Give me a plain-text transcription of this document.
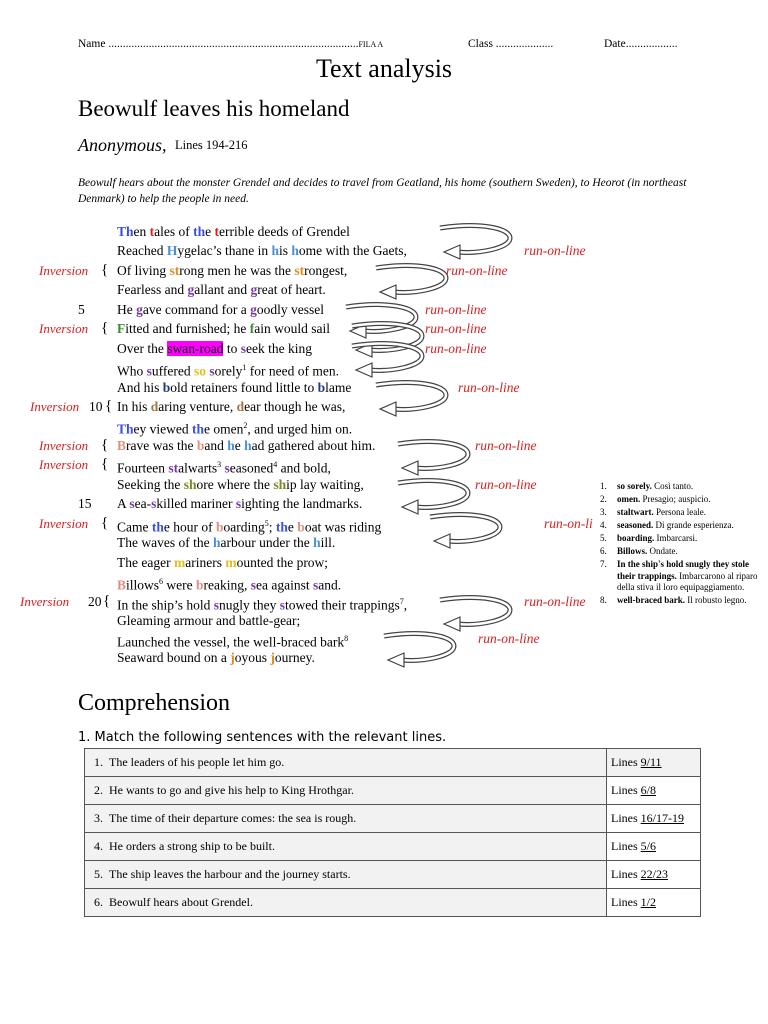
Name .......................................................................................FILA A	Class ....................	Date..................
Text analysis
Beowulf leaves his homeland
Anonymous, Lines 194-216
Beowulf hears about the monster Grendel and decides to travel from Geatland, his home (southern Sweden), to Heorot (in northeast Denmark) to help the people in need.
Then tales of the terrible deeds of Grendel
Reached Hygelac’s thane in his home with the Gaets,
Of living strong men he was the strongest,
Fearless and gallant and great of heart.
He gave command for a goodly vessel
Fitted and furnished; he fain would sail
Over the swan-road to seek the king
Who suffered so sorely$^1$ for need of men.
And his bold retainers found little to blame
In his daring venture, dear though he was,
They viewed the omen$^2$, and urged him on.
Brave was the band he had gathered about him.
Fourteen stalwarts$^3$ seasoned$^4$ and bold,
Seeking the shore where the ship lay waiting,
A sea-skilled mariner sighting the landmarks.
Came the hour of boarding$^5$; the boat was riding
The waves of the harbour under the hill.
The eager mariners mounted the prow;
Billows$^6$ were breaking, sea against sand.
In the ship’s hold snugly they stowed their trappings$^7$,
Gleaming armour and battle-gear;
Launched the vessel, the well-braced bark$^8$
Seaward bound on a joyous journey.
5
10
15
20
Inversion {
Inversion {
Inversion {
Inversion {
Inversion {
Inversion {
Inversion {
run-on-line
run-on-line
run-on-line
run-on-line
run-on-line
run-on-line
run-on-line
run-on-line
run-on-li
run-on-line
run-on-line
1. so sorely. Così tanto.
2. omen. Presagio; auspicio.
3. staltwart. Persona leale.
4. seasoned. Di grande esperienza.
5. boarding. Imbarcarsi.
6. Billows. Ondate.
7. In the ship's hold snugly they stole their trappings. Imbarcarono al riparo della stiva il loro equipaggiamento.
8. well-braced bark. Il robusto legno.
Comprehension
1. Match the following sentences with the relevant lines.
1.	The leaders of his people let him go.	Lines 9/11
2.	He wants to go and give his help to King Hrothgar.	Lines 6/8
3.	The time of their departure comes: the sea is rough.	Lines 16/17-19
4.	He orders a strong ship to be built.	Lines 5/6
5.	The ship leaves the harbour and the journey starts.	Lines 22/23
6.	Beowulf hears about Grendel.	Lines 1/2
